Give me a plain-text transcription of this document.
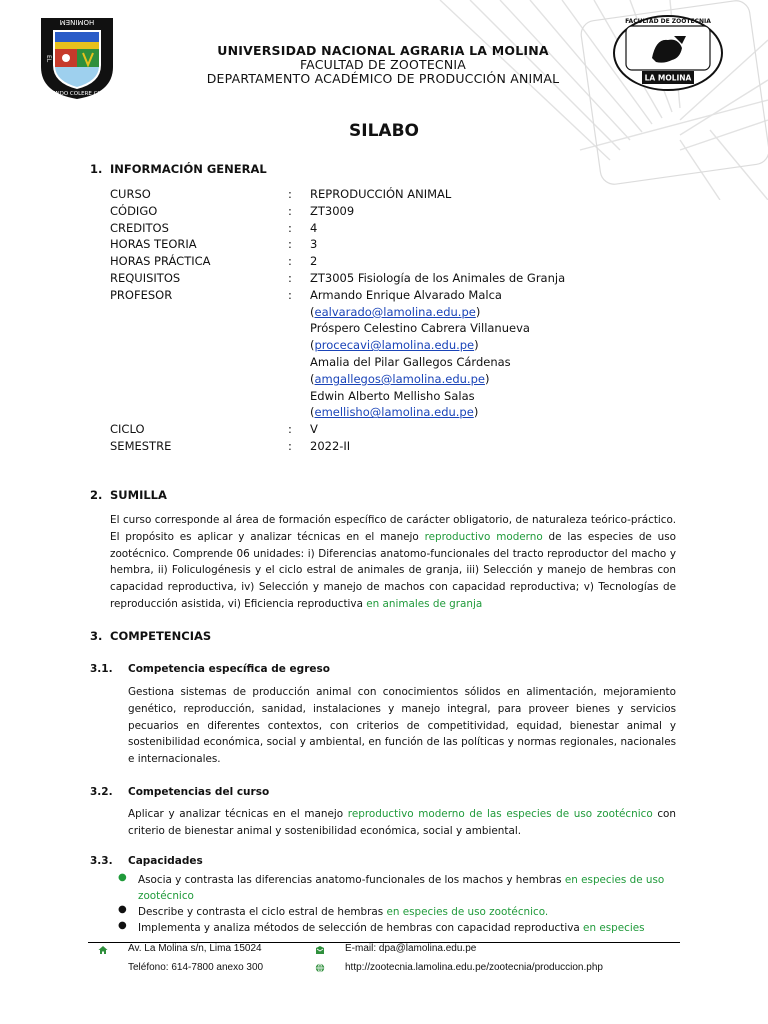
HOMINEM
EL
MUNDO COLERE CIRO
LA MOLINA
FACULTAD DE ZOOTECNIA
UNIVERSIDAD NACIONAL AGRARIA LA MOLINA
FACULTAD DE ZOOTECNIA
DEPARTAMENTO ACADÉMICO DE PRODUCCIÓN ANIMAL
SILABO
1. INFORMACIÓN GENERAL
CURSO	: REPRODUCCIÓN ANIMAL
CÓDIGO	: ZT3009
CREDITOS	: 4
HORAS TEORIA	: 3
HORAS PRÁCTICA	: 2
REQUISITOS	: ZT3005 Fisiología de los Animales de Granja
PROFESOR	: Armando Enrique Alvarado Malca
(ealvarado@lamolina.edu.pe)
Próspero Celestino Cabrera Villanueva
(procecavi@lamolina.edu.pe)
Amalia del Pilar Gallegos Cárdenas
(amgallegos@lamolina.edu.pe)
Edwin Alberto Mellisho Salas
(emellisho@lamolina.edu.pe)
CICLO	: V
SEMESTRE	: 2022-II
2. SUMILLA
El curso corresponde al área de formación específico de carácter obligatorio, de naturaleza teórico-práctico. El propósito es aplicar y analizar técnicas en el manejo reproductivo moderno de las especies de uso zootécnico. Comprende 06 unidades: i) Diferencias anatomo-funcionales del tracto reproductor del macho y hembra, ii) Foliculogénesis y el ciclo estral de animales de granja, iii) Selección y manejo de hembras con capacidad reproductiva, iv) Selección y manejo de machos con capacidad reproductiva; v) Tecnologías de reproducción asistida, vi) Eficiencia reproductiva en animales de granja
3. COMPETENCIAS
3.1. Competencia específica de egreso
Gestiona sistemas de producción animal con conocimientos sólidos en alimentación, mejoramiento genético, reproducción, sanidad, instalaciones y manejo integral, para proveer bienes y servicios pecuarios en diferentes contextos, con criterios de competitividad, equidad, bienestar animal y sostenibilidad económica, social y ambiental, en función de las políticas y normas regionales, nacionales e internacionales.
3.2. Competencias del curso
Aplicar y analizar técnicas en el manejo reproductivo moderno de las especies de uso zootécnico con criterio de bienestar animal y sostenibilidad económica, social y ambiental.
3.3. Capacidades
● Asocia y contrasta las diferencias anatomo-funcionales de los machos y hembras en especies de uso zootécnico
● Describe y contrasta el ciclo estral de hembras en especies de uso zootécnico.
● Implementa y analiza métodos de selección de hembras con capacidad reproductiva en especies
Av. La Molina s/n, Lima 15024	E-mail: dpa@lamolina.edu.pe
Teléfono: 614-7800 anexo 300	http://zootecnia.lamolina.edu.pe/zootecnia/produccion.php
